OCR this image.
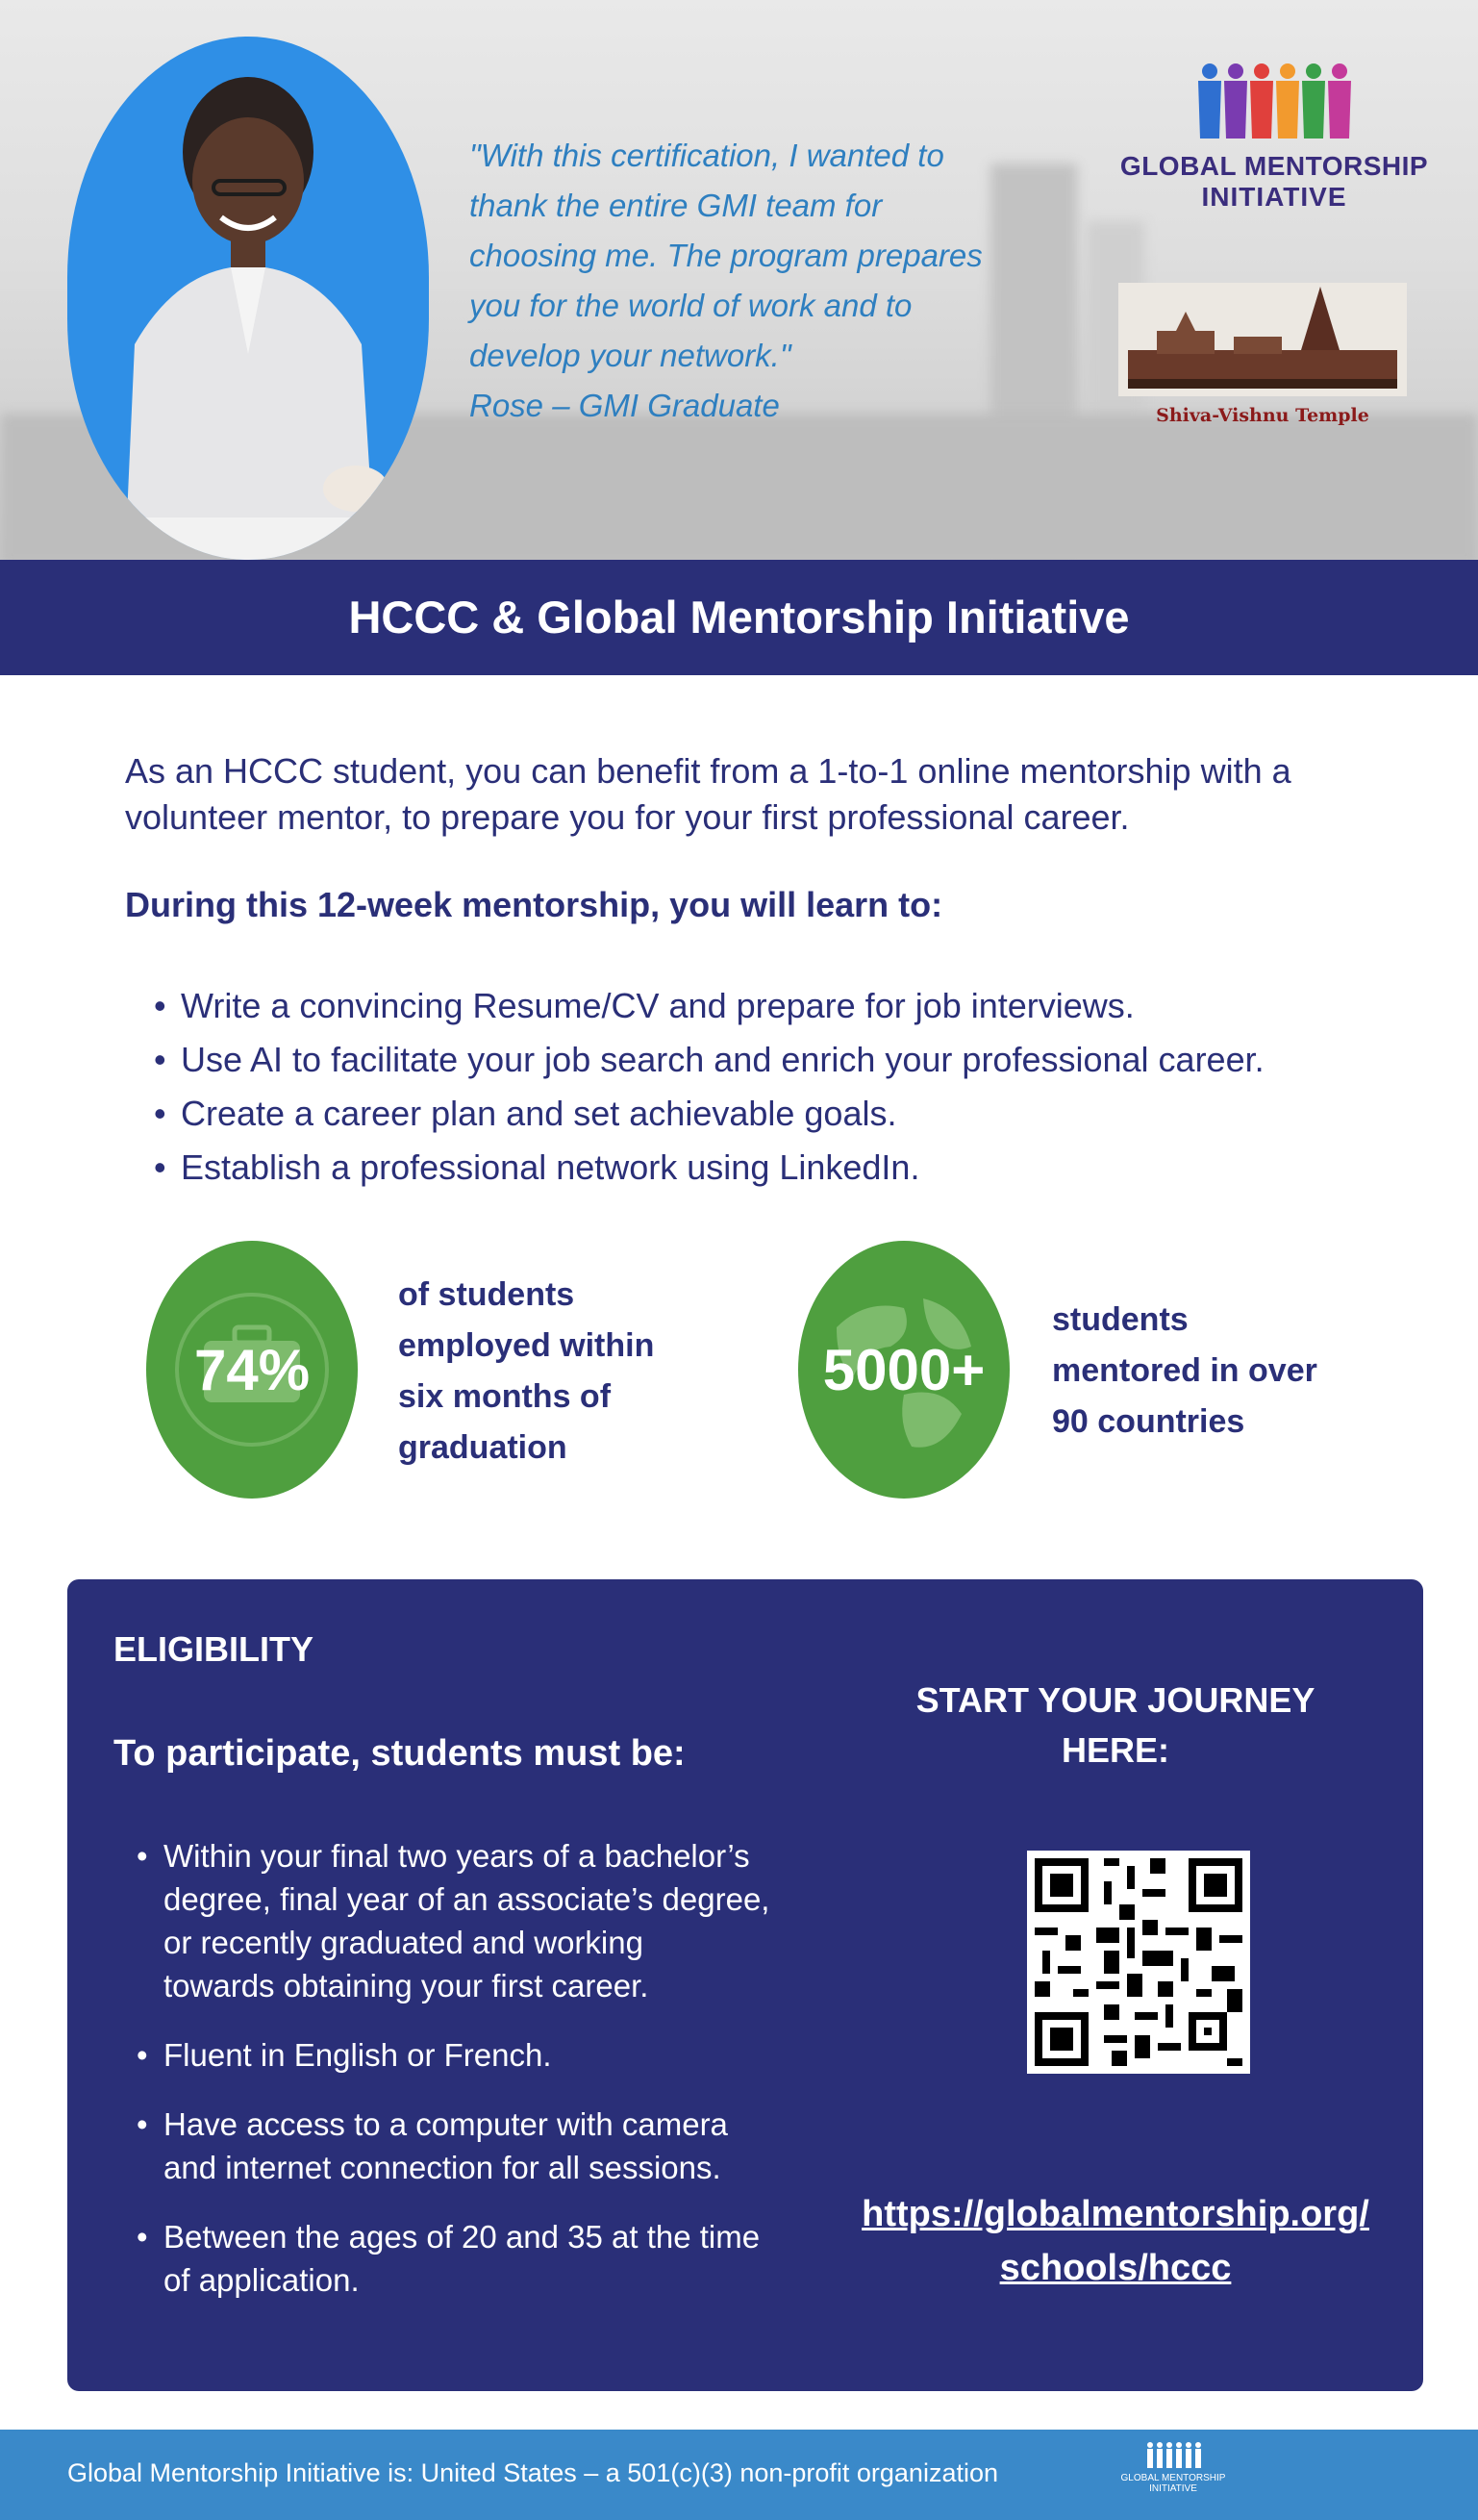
"With this certification, I wanted to
thank the entire GMI team for
choosing me. The program prepares
you for the world of work and to
develop your network."
Rose – GMI Graduate
GLOBAL MENTORSHIP
INITIATIVE
Shiva-Vishnu Temple
HCCC & Global Mentorship Initiative
As an HCCC student, you can benefit from a 1-to-1 online mentorship with a
volunteer mentor, to prepare you for your first professional career.
During this 12-week mentorship, you will learn to:
• Write a convincing Resume/CV and prepare for job interviews.
• Use AI to facilitate your job search and enrich your professional career.
• Create a career plan and set achievable goals.
• Establish a professional network using LinkedIn.
74%
of students
employed within
six months of
graduation
5000+
students
mentored in over
90 countries
ELIGIBILITY
To participate, students must be:
• Within your final two years of a bachelor’s
degree, final year of an associate’s degree,
or recently graduated and working
towards obtaining your first career.
• Fluent in English or French.
• Have access to a computer with camera
and internet connection for all sessions.
• Between the ages of 20 and 35 at the time
of application.
START YOUR JOURNEY
HERE:
https://globalmentorship.org/
schools/hccc
Global Mentorship Initiative is: United States – a 501(c)(3) non-profit organization	GLOBAL MENTORSHIP
INITIATIVE
